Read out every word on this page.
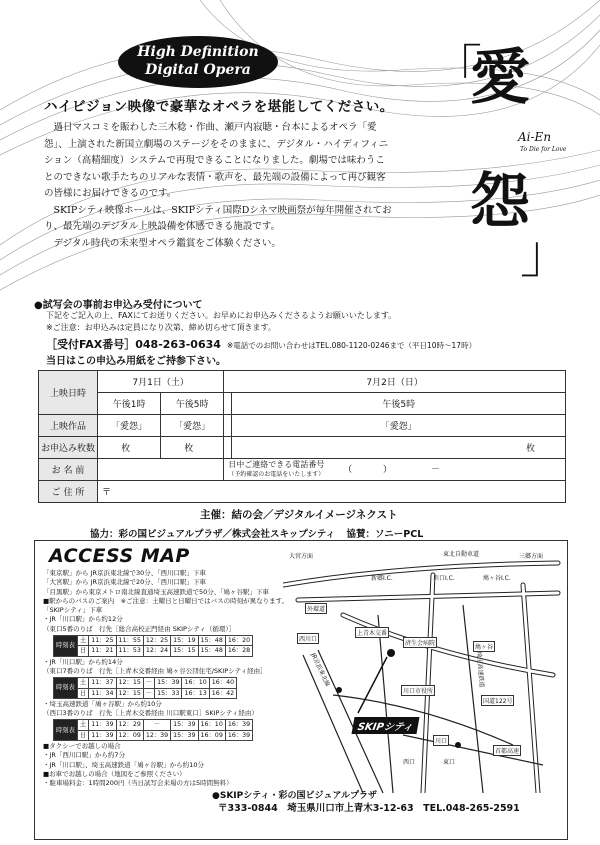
High Definition
Digital Opera	「
愛
Ai-En
To Die for Love
怨
」
ハイビジョン映像で豪華なオペラを堪能してください。

過日マスコミを賑わした三木稔・作曲、瀬戸内寂聴・台本によるオペラ「愛怨」、上演された新国立劇場のステージをそのままに、デジタル・ハイディフィニション（高精細度）システムで再現できることになりました。劇場では味わうことのできない歌手たちのリアルな表情・歌声を、最先端の設備によって再び観客の皆様にお届けできるのです。

SKIPシティ映像ホールは、SKIPシティ国際Dシネマ映画祭が毎年開催されており、最先端のデジタル上映設備を体感できる施設です。

デジタル時代の未来型オペラ鑑賞をご体験ください。

●試写会の事前お申込み受付について
下記をご記入の上、FAXにてお送りください。お早めにお申込みくださるようお願いいたします。
※ご注意：お申込みは定員になり次第、締め切らせて頂きます。
［受付FAX番号］048-263-0634 ※電話でのお問い合わせはTEL.080-1120-0246まで（平日10時～17時）
当日はこの申込み用紙をご持参下さい。
上映日時	7月1日（土）		7月2日（日）	
	午後1時	午後5時		午後5時
上映作品	「愛怨」	「愛怨」		「愛怨」
お申込み枚数	枚	枚		枚
お 名 前			日中ご連絡できる電話番号
（予約確認のお電話をいたします） （ ） －	
ご 住 所	〒			
主催：結の会／デジタルイメージネクスト
協力：彩の国ビジュアルプラザ／株式会社スキップシティ 協賛：ソニーPCL
ACCESS MAP
「東京駅」から JR京浜東北線で30分、「西川口駅」下車
「大宮駅」から JR京浜東北線で20分、「西川口駅」下車
「目黒駅」から東京メトロ南北線直通埼玉高速鉄道で50分、「鳩ヶ谷駅」下車
■駅からのバスのご案内　※ご注意：土曜日と日曜日ではバスの時刻が異なります。
「SKIPシティ」下車
・JR「川口駅」から約12分
（東口5番のりば　行先［総合高校正門経由 SKIPシティ（循環）］
時刻表	土	11：25	11：55	12：25	15：19	15：48	16：20
	日	11：21	11：53	12：24	15：15	15：48	16：28
・JR「川口駅」から約14分
（東口7番のりば　行先［上青木交番経由 鳩ヶ谷公団住宅/SKIPシティ経由］
時刻表	土	11：37	12：15	－	15：39	16：10	16：40
	日	11：34	12：15	－	15：33	16：13	16：42
・埼玉高速鉄道「鳩ヶ谷駅」から約10分
（西口3番のりば　行先［上青木交番経由 川口駅東口］SKIPシティ経由）
時刻表	土	11：39	12：29	－	15：39	16：10	16：39
	日	11：39	12：09	12：39	15：39	16：09	16：39
■タクシーでお越しの場合
・JR「西川口駅」から約7分
・JR「川口駅」、埼玉高速鉄道「鳩ヶ谷駅」から約10分
■お車でお越しの場合（地図をご参照ください）
・駐車場料金：1時間200円（当日試写会来場の方は5時間無料）
大宮方面	三郷方面
東北自動車道
川口I.C.	鳩ヶ谷I.C.
新郷I.C.
上青木交番
済生会病院
鳩ヶ谷
川口市役所
外環道
西川口
川口
国道122号
首都高速
JR京浜東北線	埼玉高速鉄道
東口
西口
SKIPシティ
●SKIPシティ・彩の国ビジュアルプラザ
〒333-0844　埼玉県川口市上青木3-12-63　TEL.048-265-2591
